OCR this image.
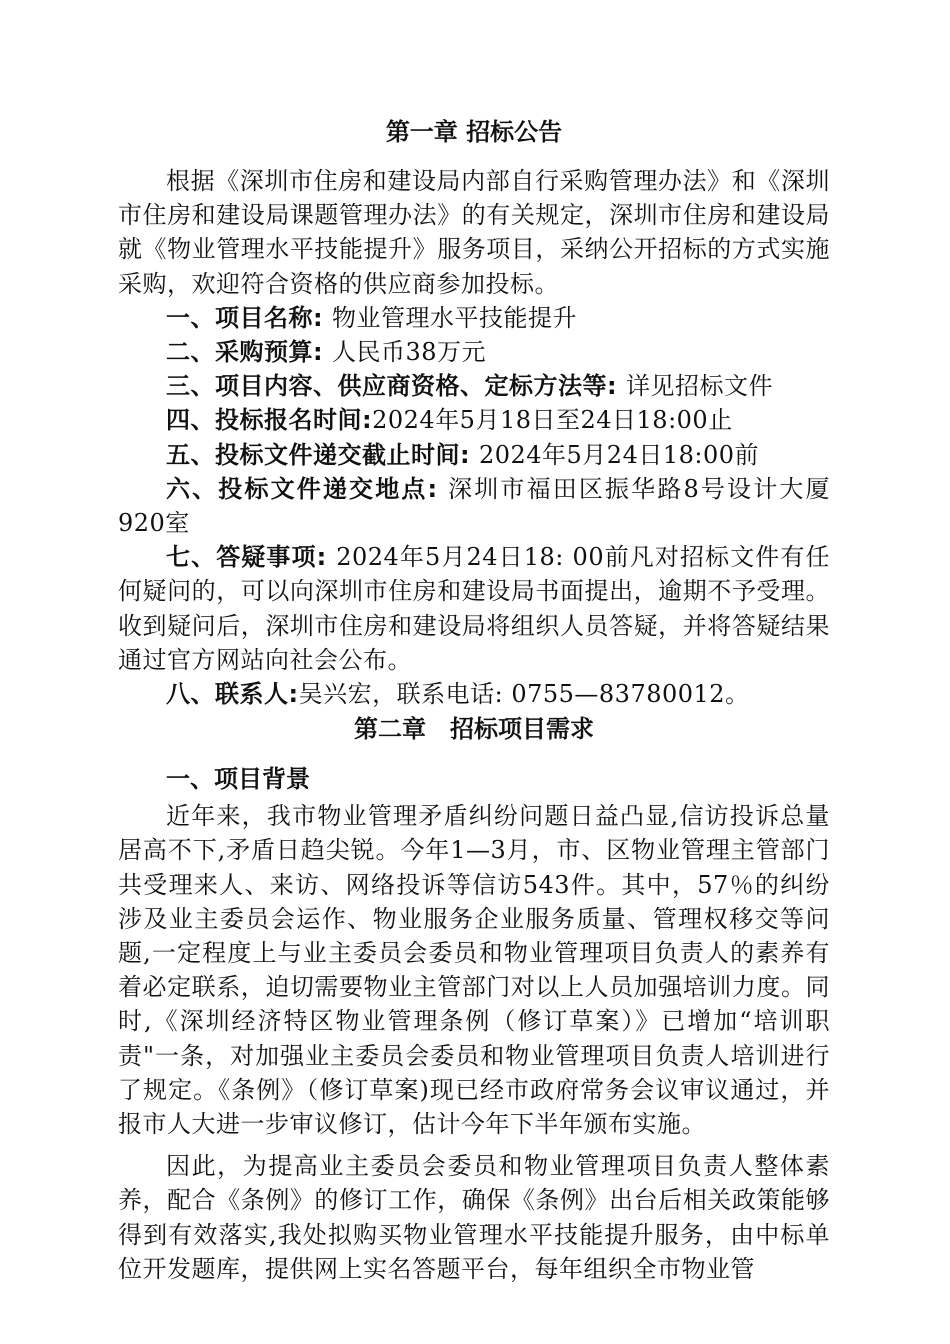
第一章 招标公告

根据《深圳市住房和建设局内部自行采购管理办法》和《深圳市住房和建设局课题管理办法》的有关规定，深圳市住房和建设局就《物业管理水平技能提升》服务项目，采纳公开招标的方式实施采购，欢迎符合资格的供应商参加投标。

一、项目名称: 物业管理水平技能提升

二、采购预算: 人民币38万元

三、项目内容、供应商资格、定标方法等: 详见招标文件

四、投标报名时间:2024年5月18日至24日18:00止

五、投标文件递交截止时间: 2024年5月24日18:00前

六、投标文件递交地点: 深圳市福田区振华路8号设计大厦920室

七、答疑事项: 2024年5月24日18: 00前凡对招标文件有任何疑问的，可以向深圳市住房和建设局书面提出，逾期不予受理。收到疑问后，深圳市住房和建设局将组织人员答疑，并将答疑结果通过官方网站向社会公布。

八、联系人:吴兴宏，联系电话: 0755—83780012。

第二章　招标项目需求
一、项目背景

近年来，我市物业管理矛盾纠纷问题日益凸显,信访投诉总量居高不下,矛盾日趋尖锐。今年1—3月，市、区物业管理主管部门共受理来人、来访、网络投诉等信访543件。其中，57％的纠纷涉及业主委员会运作、物业服务企业服务质量、管理权移交等问题,一定程度上与业主委员会委员和物业管理项目负责人的素养有着必定联系，迫切需要物业主管部门对以上人员加强培训力度。同时,《深圳经济特区物业管理条例（修订草案）》已增加“培训职责"一条，对加强业主委员会委员和物业管理项目负责人培训进行了规定。《条例》（修订草案)现已经市政府常务会议审议通过，并报市人大进一步审议修订，估计今年下半年颁布实施。

因此，为提高业主委员会委员和物业管理项目负责人整体素养，配合《条例》的修订工作，确保《条例》出台后相关政策能够得到有效落实,我处拟购买物业管理水平技能提升服务，由中标单位开发题库，提供网上实名答题平台，每年组织全市物业管
